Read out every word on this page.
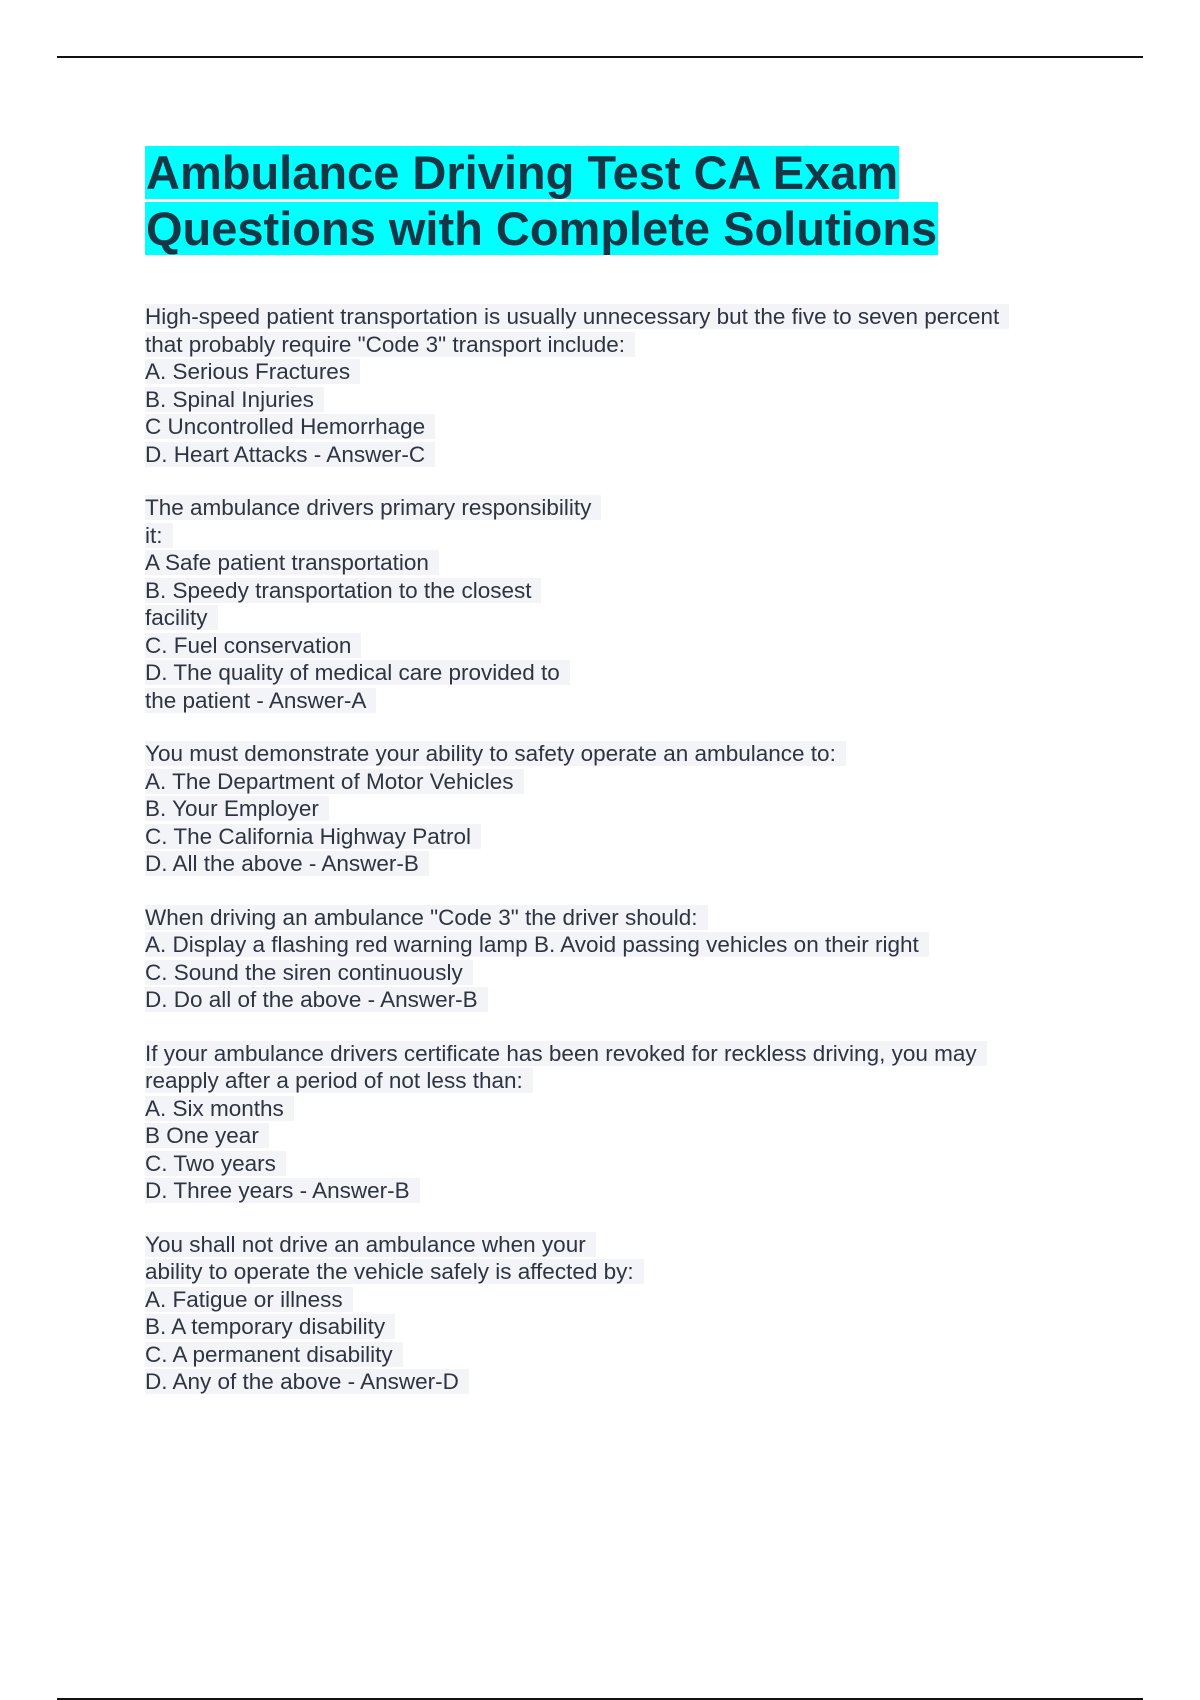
Ambulance Driving Test CA Exam
Questions with Complete Solutions
High-speed patient transportation is usually unnecessary but the five to seven percent
that probably require "Code 3" transport include:
A. Serious Fractures
B. Spinal Injuries
C Uncontrolled Hemorrhage
D. Heart Attacks - Answer-C
The ambulance drivers primary responsibility
it:
A Safe patient transportation
B. Speedy transportation to the closest
facility
C. Fuel conservation
D. The quality of medical care provided to
the patient - Answer-A
You must demonstrate your ability to safety operate an ambulance to:
A. The Department of Motor Vehicles
B. Your Employer
C. The California Highway Patrol
D. All the above - Answer-B
When driving an ambulance "Code 3" the driver should:
A. Display a flashing red warning lamp B. Avoid passing vehicles on their right
C. Sound the siren continuously
D. Do all of the above - Answer-B
If your ambulance drivers certificate has been revoked for reckless driving, you may
reapply after a period of not less than:
A. Six months
B One year
C. Two years
D. Three years - Answer-B
You shall not drive an ambulance when your
ability to operate the vehicle safely is affected by:
A. Fatigue or illness
B. A temporary disability
C. A permanent disability
D. Any of the above - Answer-D
